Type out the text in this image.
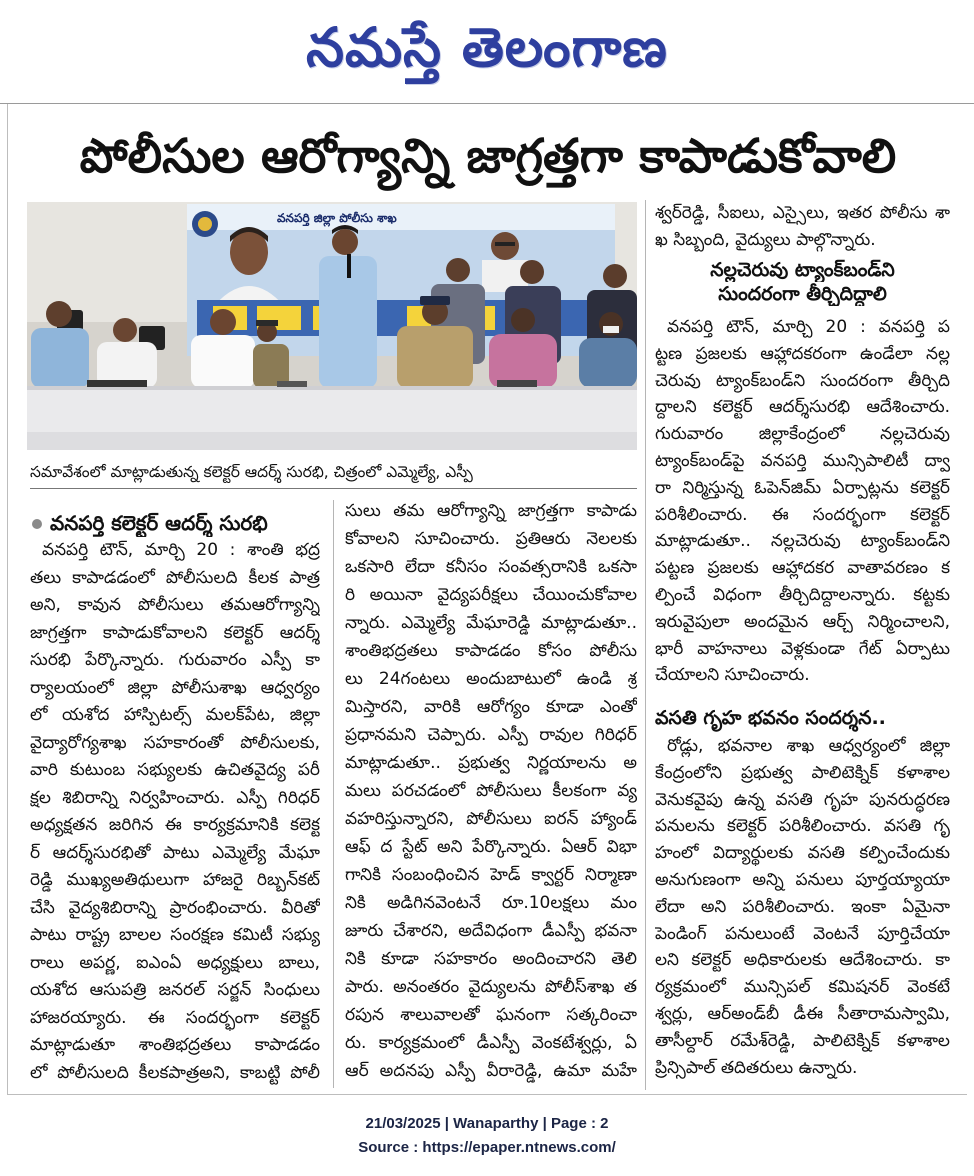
నమస్తే తెలంగాణ
పోలీసుల ఆరోగ్యాన్ని జాగ్రత్తగా కాపాడుకోవాలి
వనపర్తి జిల్లా పోలీసు శాఖ
సమావేశంలో మాట్లాడుతున్న కలెక్టర్ ఆదర్శ్ సురభి, చిత్రంలో ఎమ్మెల్యే, ఎస్పీ
వనపర్తి కలెక్టర్ ఆదర్శ్ సురభి
వనపర్తి టౌన్, మార్చి 20 : శాంతి భద్ర
తలు కాపాడడంలో పోలీసులది కీలక పాత్ర
అని, కావున పోలీసులు తమఆరోగ్యాన్ని
జాగ్రత్తగా కాపాడుకోవాలని కలెక్టర్ ఆదర్శ్
సురభి పేర్కొన్నారు. గురువారం ఎస్పీ కా
ర్యాలయంలో జిల్లా పోలీసుశాఖ ఆధ్వర్యం
లో యశోద హాస్పిటల్స్ మలక్‌పేట, జిల్లా
వైద్యారోగ్యశాఖ సహకారంతో పోలీసులకు,
వారి కుటుంబ సభ్యులకు ఉచితవైద్య పరీ
క్షల శిబిరాన్ని నిర్వహించారు. ఎస్పీ గిరిధర్
అధ్యక్షతన జరిగిన ఈ కార్యక్రమానికి కలెక్ట
ర్ ఆదర్శ్‌సురభితో పాటు ఎమ్మెల్యే మేఘా
రెడ్డి ముఖ్యఅతిథులుగా హాజరై రిబ్బన్‌కట్
చేసి వైద్యశిబిరాన్ని ప్రారంభించారు. వీరితో
పాటు రాష్ట్ర బాలల సంరక్షణ కమిటీ సభ్యు
రాలు అపర్ణ, ఐఎంఏ అధ్యక్షులు బాలు,
యశోద ఆసుపత్రి జనరల్ సర్జన్ సింధులు
హాజరయ్యారు. ఈ సందర్భంగా కలెక్టర్
మాట్లాడుతూ శాంతిభద్రతలు కాపాడడం
లో పోలీసులది కీలకపాత్రఅని, కాబట్టి పోలీ
సులు తమ ఆరోగ్యాన్ని జాగ్రత్తగా కాపాడు
కోవాలని సూచించారు. ప్రతిఆరు నెలలకు
ఒకసారి లేదా కనీసం సంవత్సరానికి ఒకసా
రి అయినా వైద్యపరీక్షలు చేయించుకోవాల
న్నారు. ఎమ్మెల్యే మేఘారెడ్డి మాట్లాడుతూ..
శాంతిభద్రతలు కాపాడడం కోసం పోలీసు
లు 24గంటలు అందుబాటులో ఉండి శ్ర
మిస్తారని, వారికి ఆరోగ్యం కూడా ఎంతో
ప్రధానమని చెప్పారు. ఎస్పీ రావుల గిరిధర్
మాట్లాడుతూ.. ప్రభుత్వ నిర్ణయాలను అ
మలు పరచడంలో పోలీసులు కీలకంగా వ్య
వహరిస్తున్నారని, పోలీసులు ఐరన్ హ్యాండ్
ఆఫ్ ద స్టేట్ అని పేర్కొన్నారు. ఏఆర్ విభా
గానికి సంబంధించిన హెడ్ క్వార్టర్ నిర్మాణా
నికి అడిగినవెంటనే రూ.10లక్షలు మం
జూరు చేశారని, అదేవిధంగా డీఎస్పీ భవనా
నికి కూడా సహకారం అందించారని తెలి
పారు. అనంతరం వైద్యులను పోలీస్‌శాఖ త
రపున శాలువాలతో ఘనంగా సత్కరించా
రు. కార్యక్రమంలో డీఎస్పీ వెంకటేశ్వర్లు, ఏ
ఆర్ అదనపు ఎస్పీ వీరారెడ్డి, ఉమా మహే
శ్వర్‌రెడ్డి, సీఐలు, ఎస్సైలు, ఇతర పోలీసు శా
ఖ సిబ్బంది, వైద్యులు పాల్గొన్నారు.
నల్లచెరువు ట్యాంక్‌బండ్‌ని
సుందరంగా తీర్చిదిద్దాలి
వనపర్తి టౌన్, మార్చి 20 : వనపర్తి ప
ట్టణ ప్రజలకు ఆహ్లాదకరంగా ఉండేలా నల్ల
చెరువు ట్యాంక్‌బండ్‌ని సుందరంగా తీర్చిది
ద్దాలని కలెక్టర్ ఆదర్శ్‌సురభి ఆదేశించారు.
గురువారం జిల్లాకేంద్రంలో నల్లచెరువు
ట్యాంక్‌బండ్‌పై వనపర్తి మున్సిపాలిటీ ద్వా
రా నిర్మిస్తున్న ఓపెన్‌జిమ్ ఏర్పాట్లను కలెక్టర్
పరిశీలించారు. ఈ సందర్భంగా కలెక్టర్
మాట్లాడుతూ.. నల్లచెరువు ట్యాంక్‌బండ్‌ని
పట్టణ ప్రజలకు ఆహ్లాదకర వాతావరణం క
ల్పించే విధంగా తీర్చిదిద్దాలన్నారు. కట్టకు
ఇరువైపులా అందమైన ఆర్చ్ నిర్మించాలని,
భారీ వాహనాలు వెళ్లకుండా గేట్ ఏర్పాటు
చేయాలని సూచించారు.
వసతి గృహ భవనం సందర్శన..
రోడ్లు, భవనాల శాఖ ఆధ్వర్యంలో జిల్లా
కేంద్రంలోని ప్రభుత్వ పాలిటెక్నిక్ కళాశాల
వెనుకవైపు ఉన్న వసతి గృహ పునరుద్ధరణ
పనులను కలెక్టర్ పరిశీలించారు. వసతి గృ
హంలో విద్యార్థులకు వసతి కల్పించేందుకు
అనుగుణంగా అన్ని పనులు పూర్తయ్యాయా
లేదా అని పరిశీలించారు. ఇంకా ఏమైనా
పెండింగ్ పనులుంటే వెంటనే పూర్తిచేయా
లని కలెక్టర్ అధికారులకు ఆదేశించారు. కా
ర్యక్రమంలో మున్సిపల్ కమిషనర్ వెంకటే
శ్వర్లు, ఆర్అండ్‌బీ డీఈ సీతారామస్వామి,
తాసీల్దార్ రమేశ్‌రెడ్డి, పాలిటెక్నిక్ కళాశాల
ప్రిన్సిపాల్ తదితరులు ఉన్నారు.
21/03/2025 | Wanaparthy | Page : 2
Source : https://epaper.ntnews.com/
